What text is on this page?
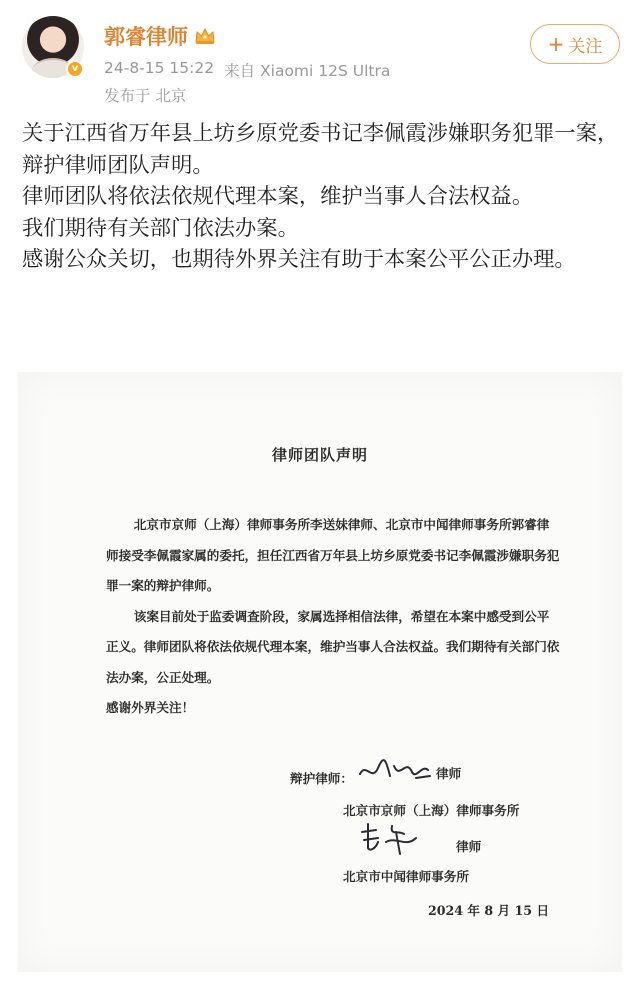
v
郭睿律师
24-8-15 15:22 来自 Xiaomi 12S Ultra
发布于 北京
+ 关注

关于江西省万年县上坊乡原党委书记李佩霞涉嫌职务犯罪一案，辩护律师团队声明。

律师团队将依法依规代理本案，维护当事人合法权益。

我们期待有关部门依法办案。

感谢公众关切，也期待外界关注有助于本案公平公正办理。

律师团队声明

北京市京师（上海）律师事务所李送妹律师、北京市中闻律师事务所郭睿律师接受李佩霞家属的委托，担任江西省万年县上坊乡原党委书记李佩霞涉嫌职务犯罪一案的辩护律师。

该案目前处于监委调查阶段，家属选择相信法律，希望在本案中感受到公平正义。律师团队将依法依规代理本案，维护当事人合法权益。我们期待有关部门依法办案，公正处理。

感谢外界关注！

辩护律师：	律师
北京市京师（上海）律师事务所
律师
北京市中闻律师事务所
2024 年 8 月 15 日
